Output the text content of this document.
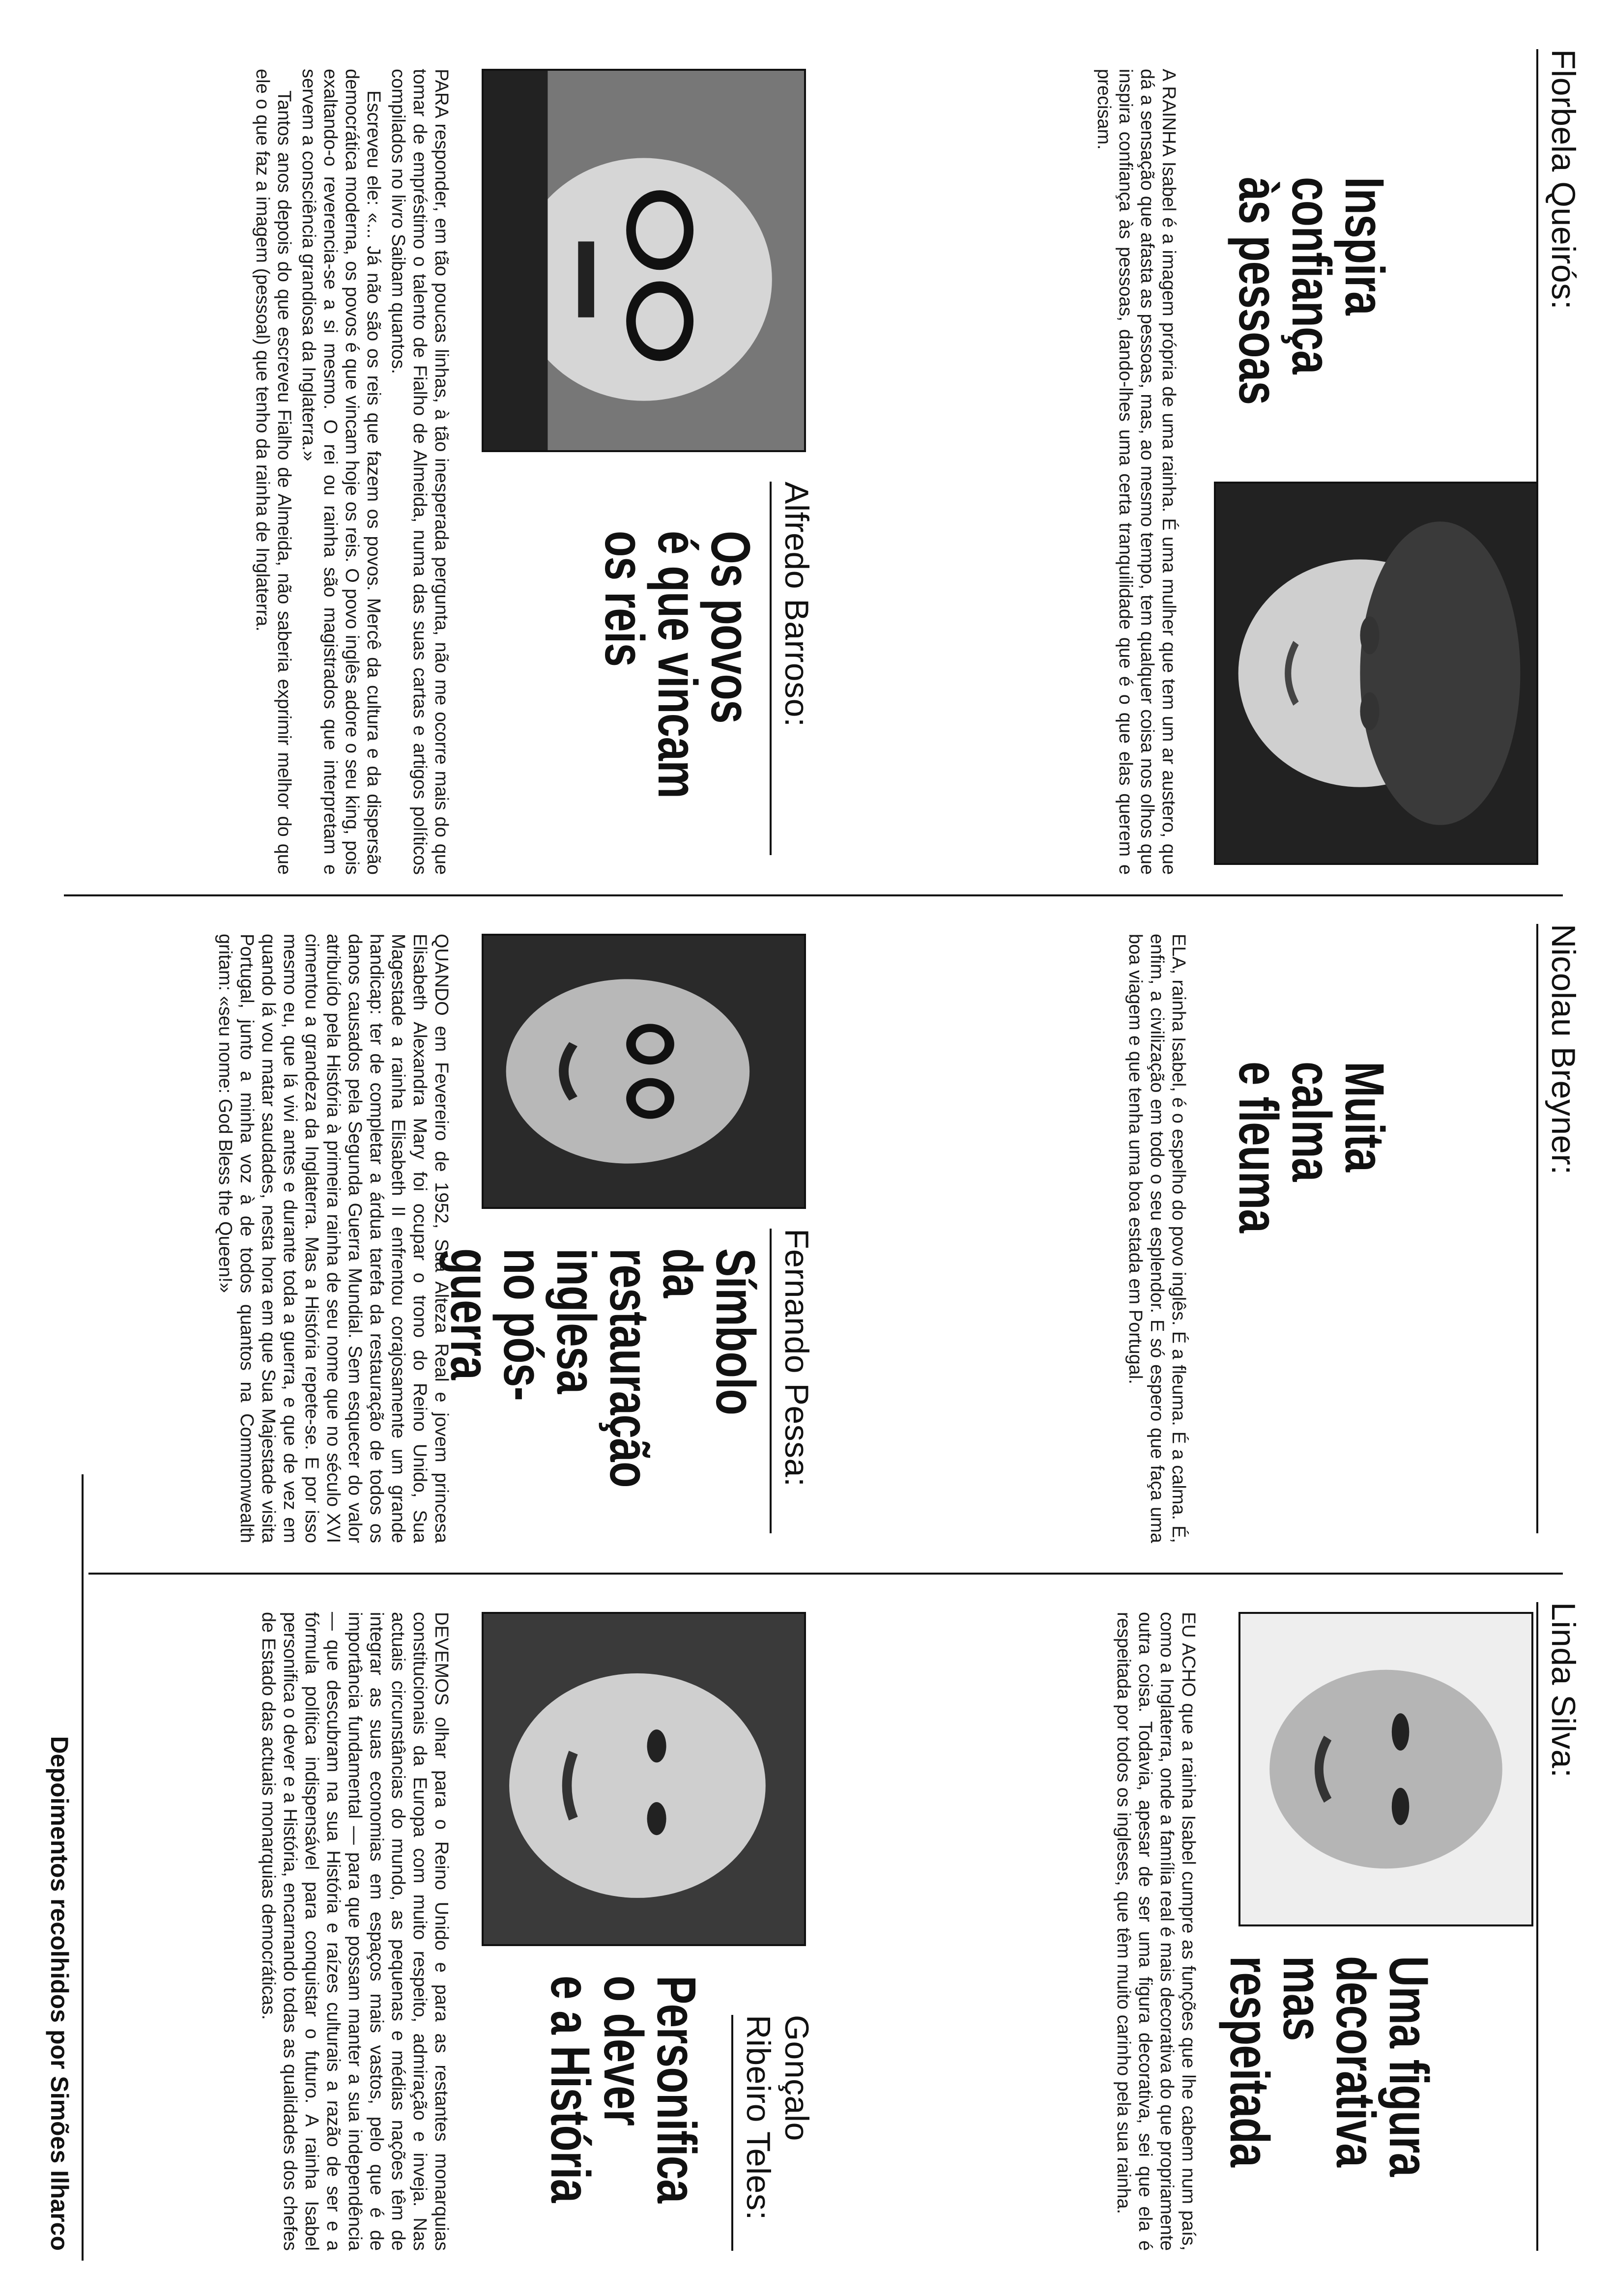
Florbela Queirós:
Inspira
confiança
às pessoas

A RAINHA Isabel é a imagem própria de uma rainha. É uma mulher que tem um ar austero, que dá a sensação que afasta as pessoas, mas, ao mesmo tempo, tem qualquer coisa nos olhos que inspira confiança às pessoas, dando-lhes uma certa tranquilidade que é o que elas querem e precisam.

Alfredo Barroso:
Os povos
é que vincam
os reis

PARA responder, em tão poucas linhas, à tão inesperada pergunta, não me ocorre mais do que tomar de empréstimo o talento de Fialho de Almeida, numa das suas cartas e artigos políticos compilados no livro Saibam quantos.

Escreveu ele: «... Já não são os reis que fazem os povos. Mercê da cultura e da dispersão democrática moderna, os povos é que vincam hoje os reis. O povo inglês adore o seu king, pois exaltando-o reverencia-se a si mesmo. O rei ou rainha são magistrados que interpretam e servem a consciência grandiosa da Inglaterra.»

Tantos anos depois do que escreveu Fialho de Almeida, não saberia exprimir melhor do que ele o que faz a imagem (pessoal) que tenho da rainha de Inglaterra.

Nicolau Breyner:
Muita
calma
e fleuma

ELA, rainha Isabel, é o espelho do povo inglês. É a fleuma. É a calma. É, enfim, a civilização em todo o seu esplendor. E só espero que faça uma boa viagem e que tenha uma boa estada em Portugal.

Fernando Pessa:
Símbolo
da restauração
inglesa
no pós-guerra

QUANDO em Fevereiro de 1952, Sua Alteza Real e jovem princesa Elisabeth Alexandra Mary foi ocupar o trono do Reino Unido, Sua Magestade a rainha Elisabeth II enfrentou corajosamente um grande handicap: ter de completar a árdua tarefa da restauração de todos os danos causados pela Segunda Guerra Mundial. Sem esquecer do valor atribuído pela História à primeira rainha de seu nome que no século XVI cimentou a grandeza da Inglaterra. Mas a História repete-se. E por isso mesmo eu, que lá vivi antes e durante toda a guerra, e que de vez em quando lá vou matar saudades, nesta hora em que Sua Majestade visita Portugal, junto a minha voz à de todos quantos na Commonwealth gritam: «seu nome: God Bless the Queen!»

Linda Silva:
Uma figura
decorativa
mas respeitada

EU ACHO que a rainha Isabel cumpre as funções que lhe cabem num país, como a Inglaterra, onde a família real é mais decorativa do que propriamente outra coisa. Todavia, apesar de ser uma figura decorativa, sei que ela é respeitada por todos os ingleses, que têm muito carinho pela sua rainha.

Gonçalo Ribeiro Teles:
Personifica
o dever
e a História

DEVEMOS olhar para o Reino Unido e para as restantes monarquias constitucionais da Europa com muito respeito, admiração e inveja. Nas actuais circunstâncias do mundo, as pequenas e médias nações têm de integrar as suas economias em espaços mais vastos, pelo que é de importância fundamental — para que possam manter a sua independência — que descubram na sua História e raízes culturais a razão de ser e a fórmula política indispensável para conquistar o futuro. A rainha Isabel personifica o dever e a História, encarnando todas as qualidades dos chefes de Estado das actuais monarquias democráticas.

Depoimentos recolhidos por Simões Ilharco
